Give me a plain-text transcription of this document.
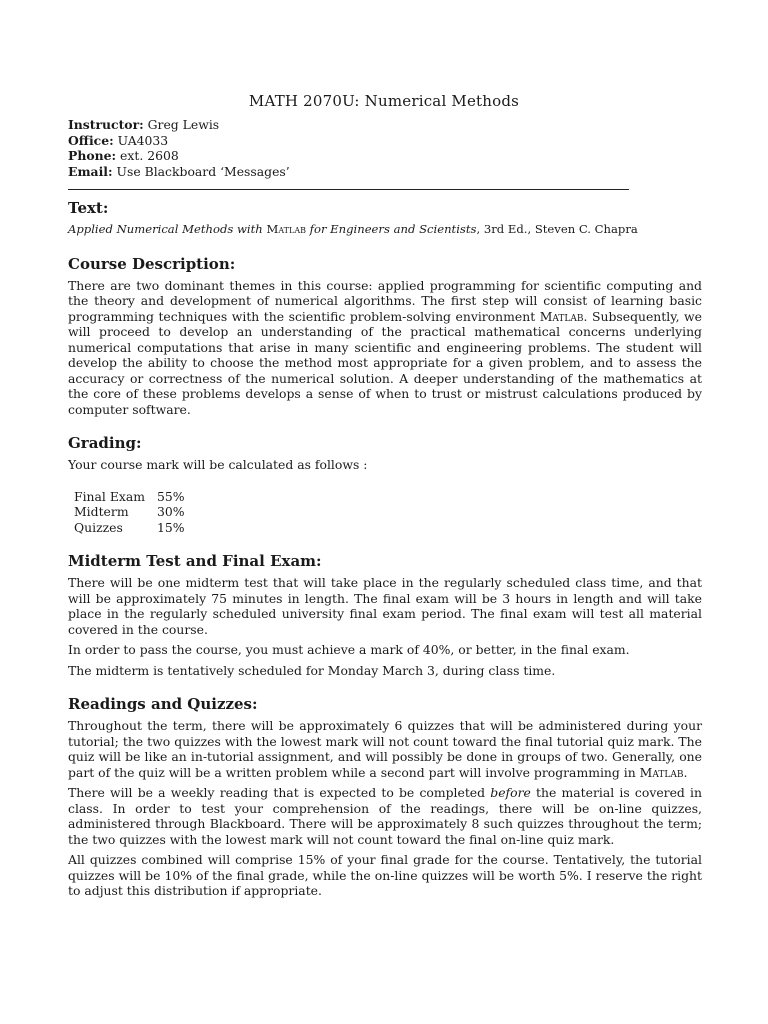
MATH 2070U: Numerical Methods
Instructor: Greg Lewis
Office: UA4033
Phone: ext. 2608
Email: Use Blackboard ‘Messages’
Text:
Applied Numerical Methods with Matlab for Engineers and Scientists, 3rd Ed., Steven C. Chapra
Course Description:

There are two dominant themes in this course: applied programming for scientific computing and the theory and development of numerical algorithms. The first step will consist of learning basic programming techniques with the scientific problem-solving environment Matlab. Subsequently, we will proceed to develop an understanding of the practical mathematical concerns underlying numerical computations that arise in many scientific and engineering problems. The student will develop the ability to choose the method most appropriate for a given problem, and to assess the accuracy or correctness of the numerical solution. A deeper understanding of the mathematics at the core of these problems develops a sense of when to trust or mistrust calculations produced by computer software.

Grading:
Your course mark will be calculated as follows :
Final Exam	55%
Midterm	30%
Quizzes	15%
Midterm Test and Final Exam:

There will be one midterm test that will take place in the regularly scheduled class time, and that will be approximately 75 minutes in length. The final exam will be 3 hours in length and will take place in the regularly scheduled university final exam period. The final exam will test all material covered in the course.

In order to pass the course, you must achieve a mark of 40%, or better, in the final exam.

The midterm is tentatively scheduled for Monday March 3, during class time.

Readings and Quizzes:

Throughout the term, there will be approximately 6 quizzes that will be administered during your tutorial; the two quizzes with the lowest mark will not count toward the final tutorial quiz mark. The quiz will be like an in-tutorial assignment, and will possibly be done in groups of two. Generally, one part of the quiz will be a written problem while a second part will involve programming in Matlab.

There will be a weekly reading that is expected to be completed before the material is covered in class. In order to test your comprehension of the readings, there will be on-line quizzes, administered through Blackboard. There will be approximately 8 such quizzes throughout the term; the two quizzes with the lowest mark will not count toward the final on-line quiz mark.

All quizzes combined will comprise 15% of your final grade for the course. Tentatively, the tutorial quizzes will be 10% of the final grade, while the on-line quizzes will be worth 5%. I reserve the right to adjust this distribution if appropriate.
